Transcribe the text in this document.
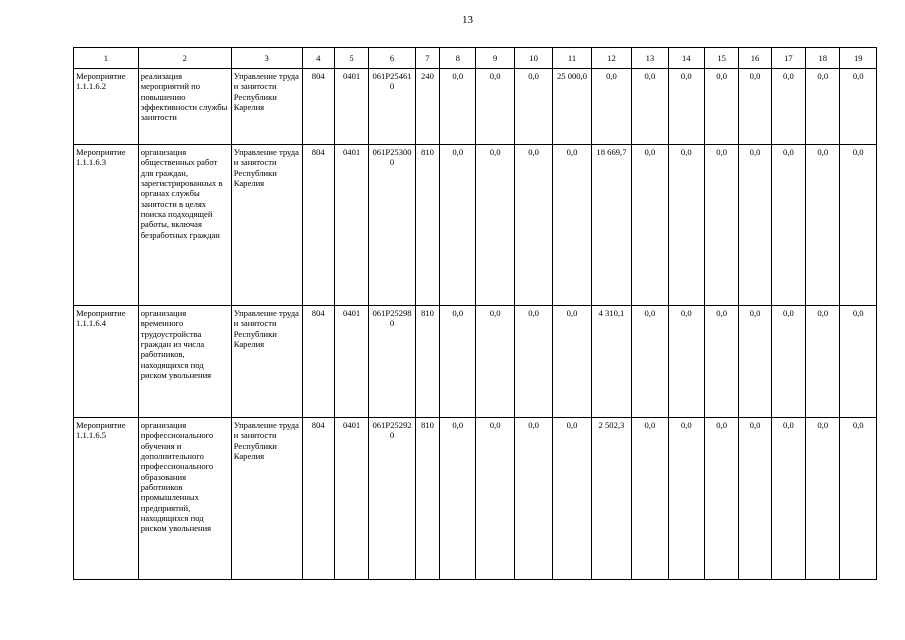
13
1	2	3	4	5	6	7	8	9	10	11	12	13	14	15	16	17	18	19
Мероприятие 1.1.1.6.2	реализация мероприятий по повышению эффективности службы занятости	Управление труда и занятости Республики Карелия	804	0401	061Р254610	240	0,0	0,0	0,0	25 000,0	0,0	0,0	0,0	0,0	0,0	0,0	0,0	0,0
Мероприятие 1.1.1.6.3	организация общественных работ для граждан, зарегистрированных в органах службы занятости в целях поиска подходящей работы, включая безработных граждан	Управление труда и занятости Республики Карелия	804	0401	061Р253000	810	0,0	0,0	0,0	0,0	18 669,7	0,0	0,0	0,0	0,0	0,0	0,0	0,0
Мероприятие 1.1.1.6.4	организация временного трудоустройства граждан из числа работников, находящихся под риском увольнения	Управление труда и занятости Республики Карелия	804	0401	061Р252980	810	0,0	0,0	0,0	0,0	4 310,1	0,0	0,0	0,0	0,0	0,0	0,0	0,0
Мероприятие 1.1.1.6.5	организация профессионального обучения и дополнительного профессионального образования работников промышленных предприятий, находящихся под риском увольнения	Управление труда и занятости Республики Карелия	804	0401	061Р252920	810	0,0	0,0	0,0	0,0	2 502,3	0,0	0,0	0,0	0,0	0,0	0,0	0,0
